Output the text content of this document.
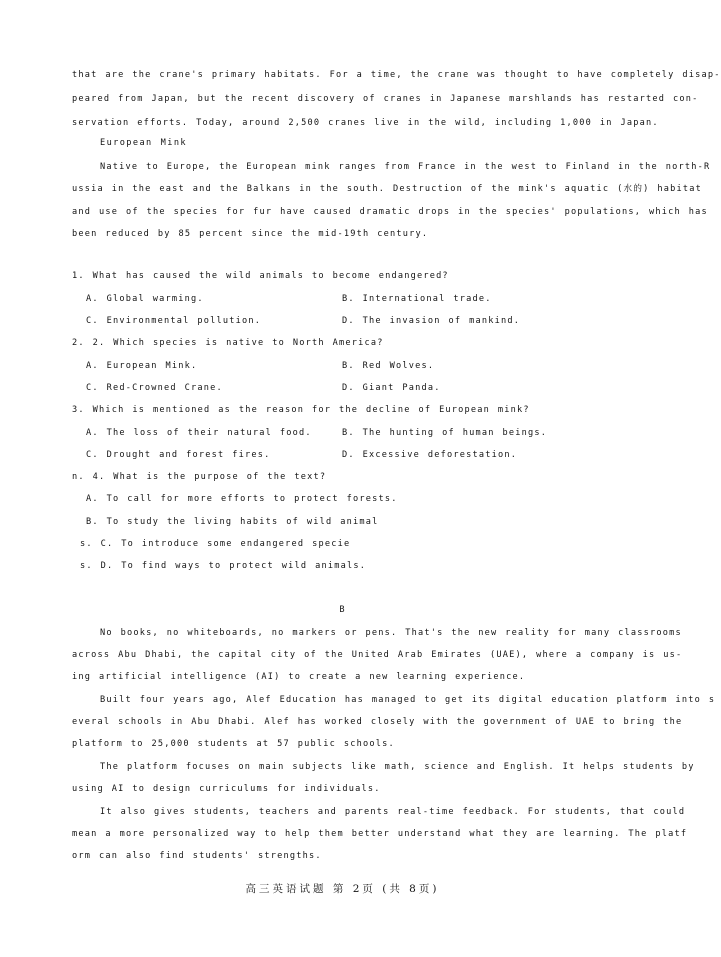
that are the crane's primary habitats. For a time, the crane was thought to have completely disap-
peared from Japan, but the recent discovery of cranes in Japanese marshlands has restarted con-
servation efforts. Today, around 2,500 cranes live in the wild, including 1,000 in Japan.
European Mink
Native to Europe, the European mink ranges from France in the west to Finland in the north-R
ussia in the east and the Balkans in the south. Destruction of the mink's aquatic (水的) habitat
and use of the species for fur have caused dramatic drops in the species' populations, which has
been reduced by 85 percent since the mid-19th century.
1. What has caused the wild animals to become endangered?
A. Global warming.	B. International trade.
C. Environmental pollution.	D. The invasion of mankind.
2. 2. Which species is native to North America?
A. European Mink.	B. Red Wolves.
C. Red-Crowned Crane.	D. Giant Panda.
3. Which is mentioned as the reason for the decline of European mink?
A. The loss of their natural food.	B. The hunting of human beings.
C. Drought and forest fires.	D. Excessive deforestation.
n. 4. What is the purpose of the text?
A. To call for more efforts to protect forests.
B. To study the living habits of wild animal
s. C. To introduce some endangered specie
s. D. To find ways to protect wild animals.
B
No books, no whiteboards, no markers or pens. That's the new reality for many classrooms
across Abu Dhabi, the capital city of the United Arab Emirates (UAE), where a company is us-
ing artificial intelligence (AI) to create a new learning experience.
Built four years ago, Alef Education has managed to get its digital education platform into s
everal schools in Abu Dhabi. Alef has worked closely with the government of UAE to bring the
platform to 25,000 students at 57 public schools.
The platform focuses on main subjects like math, science and English. It helps students by
using AI to design curriculums for individuals.
It also gives students, teachers and parents real-time feedback. For students, that could
mean a more personalized way to help them better understand what they are learning. The platf
orm can also find students' strengths.
高三英语试题 第 2页 (共 8页)
